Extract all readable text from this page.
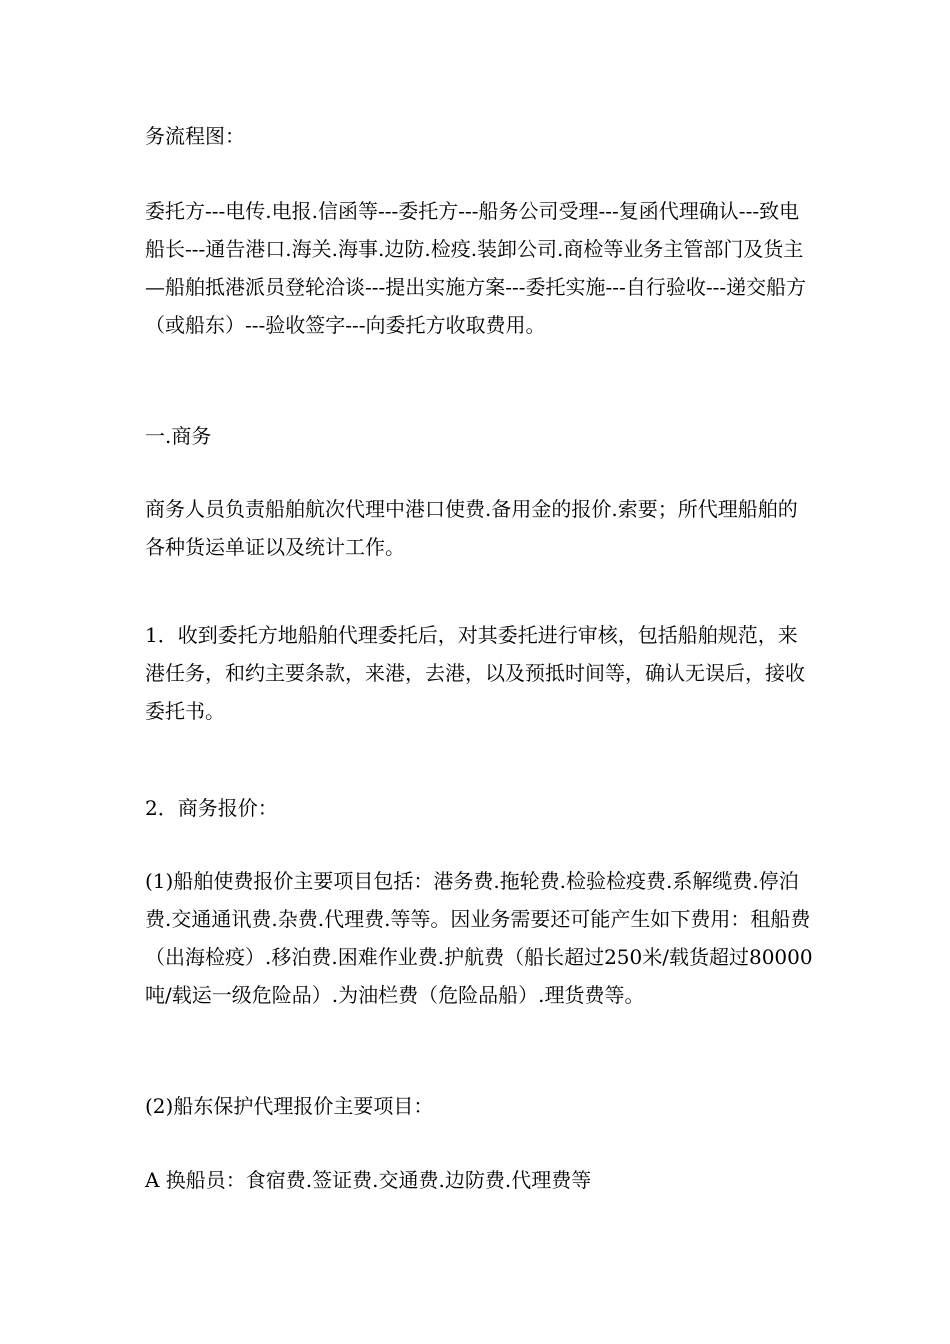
务流程图：
委托方---电传.电报.信函等---委托方---船务公司受理---复函代理确认---致电船长---通告港口.海关.海事.边防.检疫.装卸公司.商检等业务主管部门及货主—船舶抵港派员登轮洽谈---提出实施方案---委托实施---自行验收---递交船方（或船东）---验收签字---向委托方收取费用。
一.商务
商务人员负责船舶航次代理中港口使费.备用金的报价.索要；所代理船舶的各种货运单证以及统计工作。
1．收到委托方地船舶代理委托后，对其委托进行审核，包括船舶规范，来港任务，和约主要条款，来港，去港，以及预抵时间等，确认无误后，接收委托书。
2．商务报价：
(1)船舶使费报价主要项目包括：港务费.拖轮费.检验检疫费.系解缆费.停泊费.交通通讯费.杂费.代理费.等等。因业务需要还可能产生如下费用：租船费（出海检疫）.移泊费.困难作业费.护航费（船长超过250米/载货超过80000吨/载运一级危险品）.为油栏费（危险品船）.理货费等。
(2)船东保护代理报价主要项目：
A 换船员：食宿费.签证费.交通费.边防费.代理费等
